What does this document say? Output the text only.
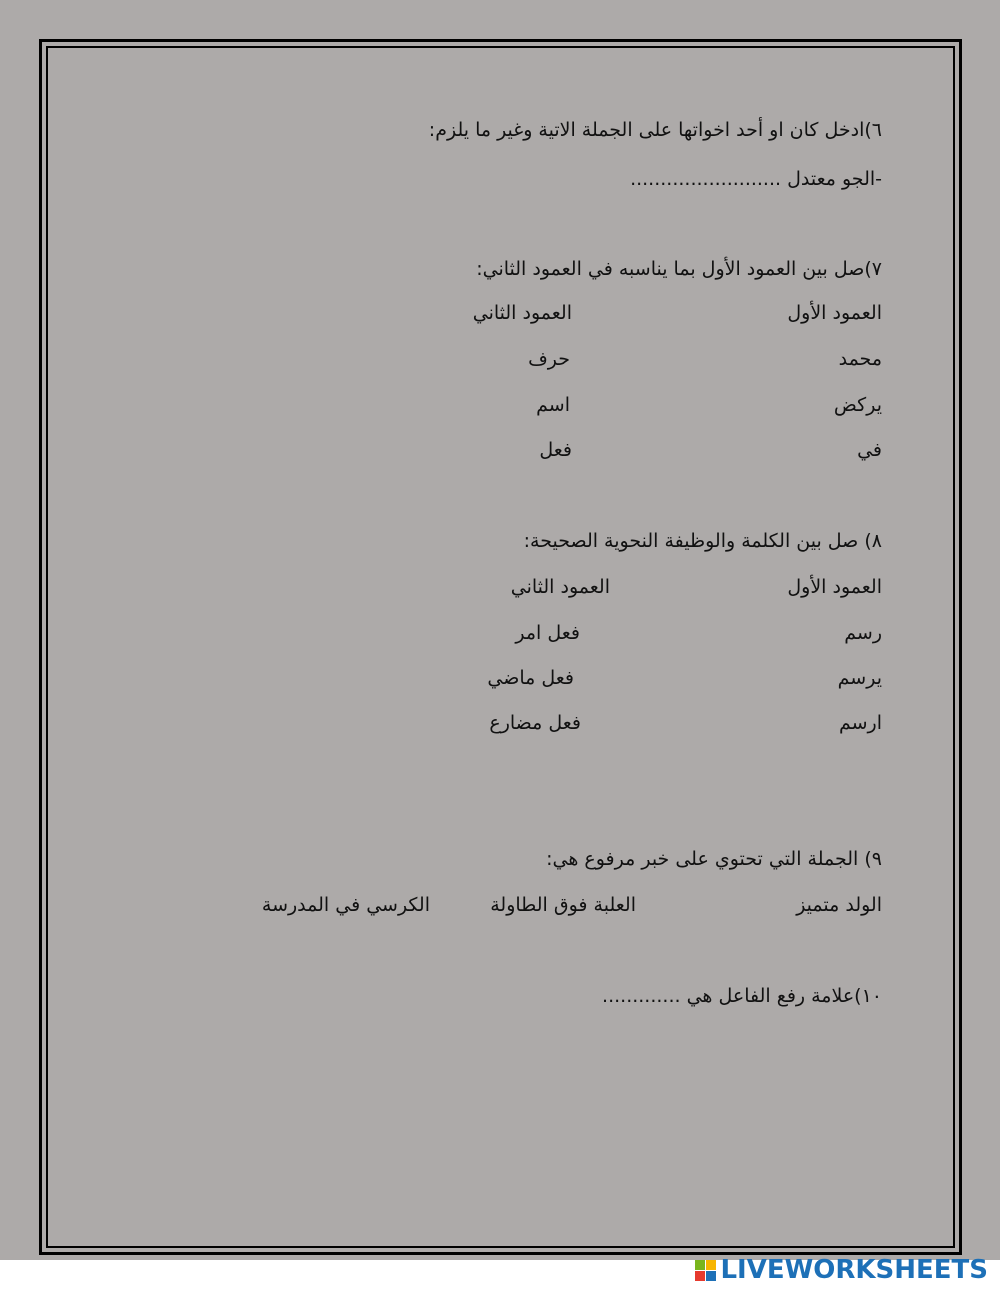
٦)ادخل كان او أحد اخواتها على الجملة الاتية وغير ما يلزم:
-الجو معتدل .........................
٧)صل بين العمود الأول بما يناسبه في العمود الثاني:
العمود الأول
العمود الثاني
محمد
حرف
يركض
اسم
في
فعل
٨) صل بين الكلمة والوظيفة النحوية الصحيحة:
العمود الأول
العمود الثاني
رسم
فعل امر
يرسم
فعل ماضي
ارسم
فعل مضارع
٩) الجملة التي تحتوي على خبر مرفوع هي:
الولد متميز
العلبة فوق الطاولة
الكرسي في المدرسة
١٠)علامة رفع الفاعل هي .............
LIVEWORKSHEETS
